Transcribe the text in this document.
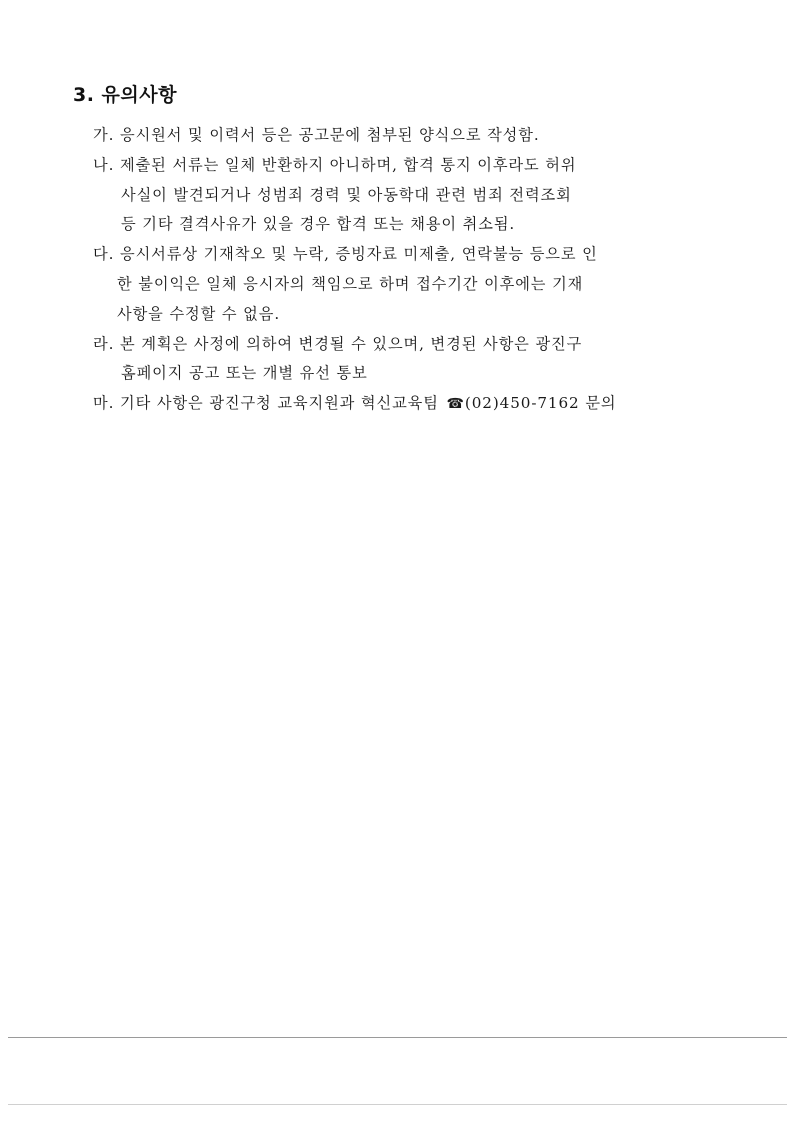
3. 유의사항
가. 응시원서 및 이력서 등은 공고문에 첨부된 양식으로 작성함.
나. 제출된 서류는 일체 반환하지 아니하며, 합격 통지 이후라도 허위
사실이 발견되거나 성범죄 경력 및 아동학대 관련 범죄 전력조회
등 기타 결격사유가 있을 경우 합격 또는 채용이 취소됨.
다. 응시서류상 기재착오 및 누락, 증빙자료 미제출, 연락불능 등으로 인
한 불이익은 일체 응시자의 책임으로 하며 접수기간 이후에는 기재
사항을 수정할 수 없음.
라. 본 계획은 사정에 의하여 변경될 수 있으며, 변경된 사항은 광진구
홈페이지 공고 또는 개별 유선 통보
마. 기타 사항은 광진구청 교육지원과 혁신교육팀 ☎(02)450-7162 문의
